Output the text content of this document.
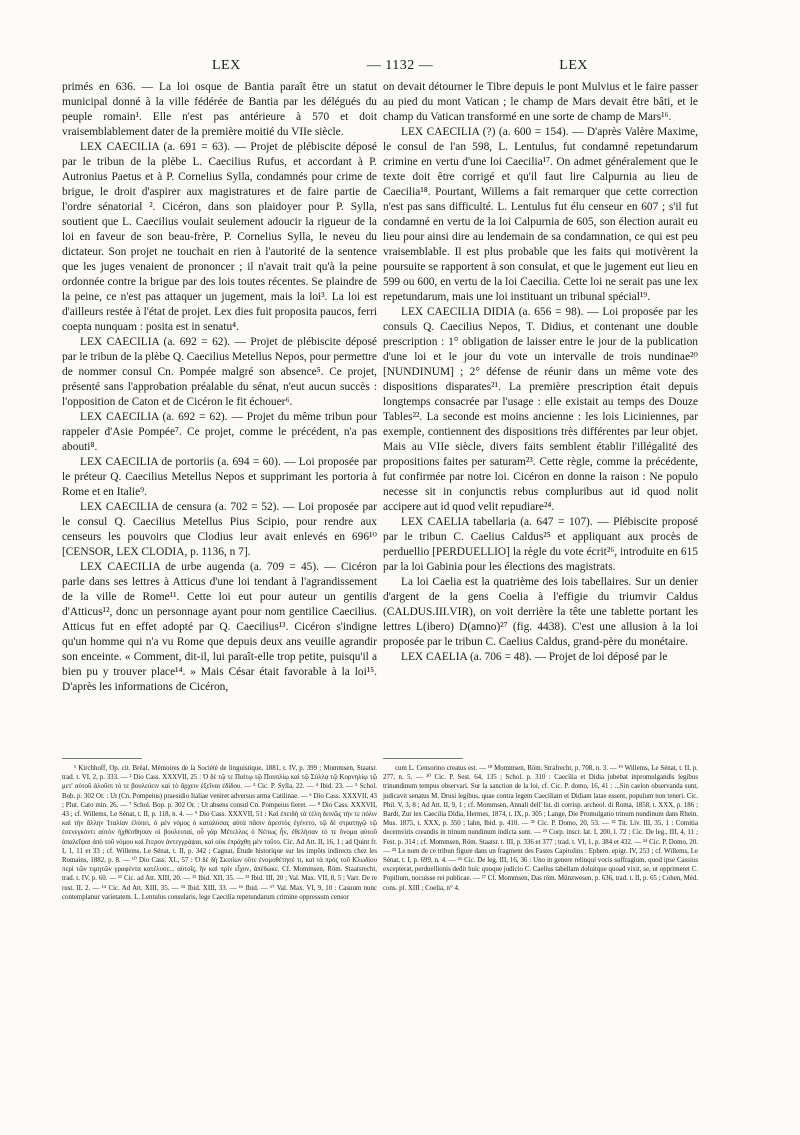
LEX	— 1132 —	LEX

primés en 636. — La loi osque de Bantia paraît être un statut municipal donné à la ville fédérée de Bantia par les délégués du peuple romain¹. Elle n'est pas antérieure à 570 et doit vraisemblablement dater de la première moitié du VIIe siècle.

LEX CAECILIA (a. 691 = 63). — Projet de plébiscite déposé par le tribun de la plèbe L. Caecilius Rufus, et accordant à P. Autronius Paetus et à P. Cornelius Sylla, condamnés pour crime de brigue, le droit d'aspirer aux magistratures et de faire partie de l'ordre sénatorial ². Cicéron, dans son plaidoyer pour P. Sylla, soutient que L. Caecilius voulait seulement adoucir la rigueur de la loi en faveur de son beau-frère, P. Cornelius Sylla, le neveu du dictateur. Son projet ne touchait en rien à l'autorité de la sentence que les juges venaient de prononcer ; il n'avait trait qu'à la peine ordonnée contre la brigue par des lois toutes récentes. Se plaindre de la peine, ce n'est pas attaquer un jugement, mais la loi³. La loi est d'ailleurs restée à l'état de projet. Lex dies fuit proposita paucos, ferri coepta nunquam : posita est in senatu⁴.

LEX CAECILIA (a. 692 = 62). — Projet de plébiscite déposé par le tribun de la plèbe Q. Caecilius Metellus Nepos, pour permettre de nommer consul Cn. Pompée malgré son absence⁵. Ce projet, présenté sans l'approbation préalable du sénat, n'eut aucun succès : l'opposition de Caton et de Cicéron le fit échouer⁶.

LEX CAECILIA (a. 692 = 62). — Projet du même tribun pour rappeler d'Asie Pompée⁷. Ce projet, comme le précédent, n'a pas abouti⁸.

LEX CAECILIA de portoriis (a. 694 = 60). — Loi proposée par le préteur Q. Caecilius Metellus Nepos et supprimant les portoria à Rome et en Italie⁹.

LEX CAECILIA de censura (a. 702 = 52). — Loi proposée par le consul Q. Caecilius Metellus Pius Scipio, pour rendre aux censeurs les pouvoirs que Clodius leur avait enlevés en 696¹⁰ [CENSOR, LEX CLODIA, p. 1136, n 7].

LEX CAECILIA de urbe augenda (a. 709 = 45). — Cicéron parle dans ses lettres à Atticus d'une loi tendant à l'agrandissement de la ville de Rome¹¹. Cette loi eut pour auteur un gentilis d'Atticus¹², donc un personnage ayant pour nom gentilice Caecilius. Atticus fut en effet adopté par Q. Caecilius¹³. Cicéron s'indigne qu'un homme qui n'a vu Rome que depuis deux ans veuille agrandir son enceinte. « Comment, dit-il, lui paraît-elle trop petite, puisqu'il a bien pu y trouver place¹⁴. » Mais César était favorable à la loi¹⁵. D'après les informations de Cicéron,

on devait détourner le Tibre depuis le pont Mulvius et le faire passer au pied du mont Vatican ; le champ de Mars devait être bâti, et le champ du Vatican transformé en une sorte de champ de Mars¹⁶.

LEX CAECILIA (?) (a. 600 = 154). — D'après Valère Maxime, le consul de l'an 598, L. Lentulus, fut condamné repetundarum crimine en vertu d'une loi Caecilia¹⁷. On admet généralement que le texte doit être corrigé et qu'il faut lire Calpurnia au lieu de Caecilia¹⁸. Pourtant, Willems a fait remarquer que cette correction n'est pas sans difficulté. L. Lentulus fut élu censeur en 607 ; s'il fut condamné en vertu de la loi Calpurnia de 605, son élection aurait eu lieu pour ainsi dire au lendemain de sa condamnation, ce qui est peu vraisemblable. Il est plus probable que les faits qui motivèrent la poursuite se rapportent à son consulat, et que le jugement eut lieu en 599 ou 600, en vertu de la loi Caecilia. Cette loi ne serait pas une lex repetundarum, mais une loi instituant un tribunal spécial¹⁹.

LEX CAECILIA DIDIA (a. 656 = 98). — Loi proposée par les consuls Q. Caecilius Nepos, T. Didius, et contenant une double prescription : 1° obligation de laisser entre le jour de la publication d'une loi et le jour du vote un intervalle de trois nundinae²⁰ [NUNDINUM] ; 2° défense de réunir dans un même vote des dispositions disparates²¹. La première prescription était depuis longtemps consacrée par l'usage : elle existait au temps des Douze Tables²². La seconde est moins ancienne : les lois Liciniennes, par exemple, contiennent des dispositions très différentes par leur objet. Mais au VIIe siècle, divers faits semblent établir l'illégalité des propositions faites per saturam²³. Cette règle, comme la précédente, fut confirmée par notre loi. Cicéron en donne la raison : Ne populo necesse sit in conjunctis rebus compluribus aut id quod nolit accipere aut id quod velit repudiare²⁴.

LEX CAELIA tabellaria (a. 647 = 107). — Plébiscite proposé par le tribun C. Caelius Caldus²⁵ et appliquant aux procès de perduellio [PERDUELLIO] la règle du vote écrit²⁶, introduite en 615 par la loi Gabinia pour les élections des magistrats.

La loi Caelia est la quatrième des lois tabellaires. Sur un denier d'argent de la gens Coelia à l'effigie du triumvir Caldus (CALDUS.III.VIR), on voit derrière la tête une tablette portant les lettres L(ibero) D(amno)²⁷ (fig. 4438). C'est une allusion à la loi proposée par le tribun C. Caelius Caldus, grand-père du monétaire.

LEX CAELIA (a. 706 = 48). — Projet de loi déposé par le

¹ Kirchhoff, Op. cit. Bréal, Mémoires de la Société de linguistique, 1881, t. IV, p. 399 ; Mommsen, Staatsr. trad. t. VI, 2, p. 333. — ² Dio Cass. XXXVII, 25 : Ὁ δὲ τῷ τε Παίτῳ τῷ Πουπλίῳ καὶ τῷ Σύλλᾳ τῷ Κορνηλίῳ τῷ μετ' αὐτοῦ ἁλοῦσι τό τε βουλεύειν καὶ τὸ ἄρχειν ἐξεῖναι ἐδίδου. — ³ Cic. P. Sylla, 22. — ⁴ Ibid. 23. — ⁵ Schol. Bob. p. 302 Or. : Ut (Cn. Pompeius) praesidio Italiae veniret adversus arma Catilinae. — ⁶ Dio Cass. XXXVII, 43 ; Plut. Cato min. 26. — ⁷ Schol. Bop. p. 302 Or. : Ut absens consul Cn. Pompeius fieret. — ⁸ Dio Cass. XXXVII, 43 ; cf. Willems, Le Sénat, t. II, p. 118, n. 4. — ⁹ Dio Cass. XXXVII, 51 : Καὶ ἐπειδὴ τὰ τέλη δεινῶς τήν τε πόλιν καὶ τὴν ἄλλην Ἰταλίαν ἐλύπει, ὁ μὲν νόμος ὁ καταλύσας αὐτὰ πᾶσιν ἀρεστὸς ἐγένετο, τῷ δὲ στρατηγῷ τῷ ἐσενεγκόντι αὐτὸν ἠχθέσθησαν οἱ βουλευταί, οὗ γὰρ Μέτελλος ὁ Νέπως ἦν, ἐθελήσαν τό τε ὄνομα αὐτοῦ ἀπαλεῖψαι ἀπὸ τοῦ νόμου καὶ ἕτερον ἀντεγγράψαι, καὶ οὐκ ἐπράχθη μὲν τοῦτο. Cic. Ad Att. II, 16, 1 ; ad Quint fr. I, 1, 11 et 33 ; cf. Willems, Le Sénat, t. II, p. 342 ; Cagnat, Étude historique sur les impôts indirects chez les Romains, 1882, p. 8. — ¹⁰ Dio Cass. XL, 57 : Ὁ δὲ δὴ Σκιπίων οὔτε ἐνομοθέτησέ τι, καὶ τὰ πρὸς τοῦ Κλωδίου περὶ τῶν τιμητῶν γραφέντα κατέλυσε... αὐτοῖς, ἣν καὶ πρὶν εἶχον, ἀπέδωκε. Cf. Mommsen, Röm. Staatsrecht, trad. t. IV, p. 60. — ¹¹ Cic. ad Att. XIII, 20. — ¹² Ibid. XII, 35. — ¹³ Ibid. III, 20 ; Val. Max. VII, 8, 5 ; Varr. De re rust. II, 2. — ¹⁴ Cic. Ad Att. XIII, 35. — ¹⁵ Ibid. XIII, 33. — ¹⁶ Ibid. — ¹⁷ Val. Max. VI, 9, 10 : Casuum nunc contemplanur varietatem. L. Lentulus consularis, lege Caecilia repetundarum crimine oppressum censor

cum L. Censorino creatus est. — ¹⁸ Mommsen, Röm. Strafrecht, p. 708, n. 3. — ¹⁹ Willems, Le Sénat, t. II, p. 277, n. 5. — ²⁰ Cic. P. Sest. 64, 135 ; Schol. p. 310 : Caecilia et Didia jubebat inpromulgandis legibus trinundinum tempus observari. Sur la sanction de la loi, cf. Cic. P. domo, 16, 41 : ...Sin caelon observanda sunt, judicavit senatus M. Drusi legibus, quae contra legem Caeciliam et Didiam latae essent, populum non teneri. Cic. Phil. V, 3, 8 ; Ad Att. II, 9, 1 ; cf. Mommsen, Annali dell' Ist. di corrisp. archeol. di Roma, 1858, t. XXX, p. 186 ; Bardt, Zur lex Caecilia Didia, Hermes, 1874, t. IX, p. 305 ; Lange, Die Promulgatio trinum nundinum dans Rhein. Mus. 1875, t. XXX, p. 350 ; Iahn, Ibid. p. 410. — ²¹ Cic. P. Domo, 20, 53. — ²² Tit. Liv. III, 35, 1 : Comitia decemviris creandis in trinum nundinum indicta sunt. — ²³ Corp. inscr. lat. I, 200, l. 72 ; Cic. De leg., III, 4, 11 ; Fest. p. 314 ; cf. Mommsen, Röm. Staatsr. t. III, p. 336 et 377 ; trad. t. VI, 1, p. 384 et 432. — ²⁴ Cic. P. Domo, 20. — ²⁵ Le nom de ce tribun figure dans un fragment des Fastes Capitolins : Ephem. epigr. IV, 253 ; cf. Willems, Le Sénat, t. I, p. 699, n. 4. — ²⁶ Cic. De leg. III, 16, 36 : Uno in genere relinqui vocis suffragium, quod ipse Cassius excepterat, perduellionis dedit huic quoque judicio C. Caelius tabellam doluitque quoad vixit, se, ut opprimeret C. Popilium, nocuisse rei publicae. — ²⁷ Cf. Mommsen, Das röm. Münzwesen, p. 636, trad. t. II, p. 65 ; Cohen, Méd. cons. pl. XIII ; Coelia, n° 4.
